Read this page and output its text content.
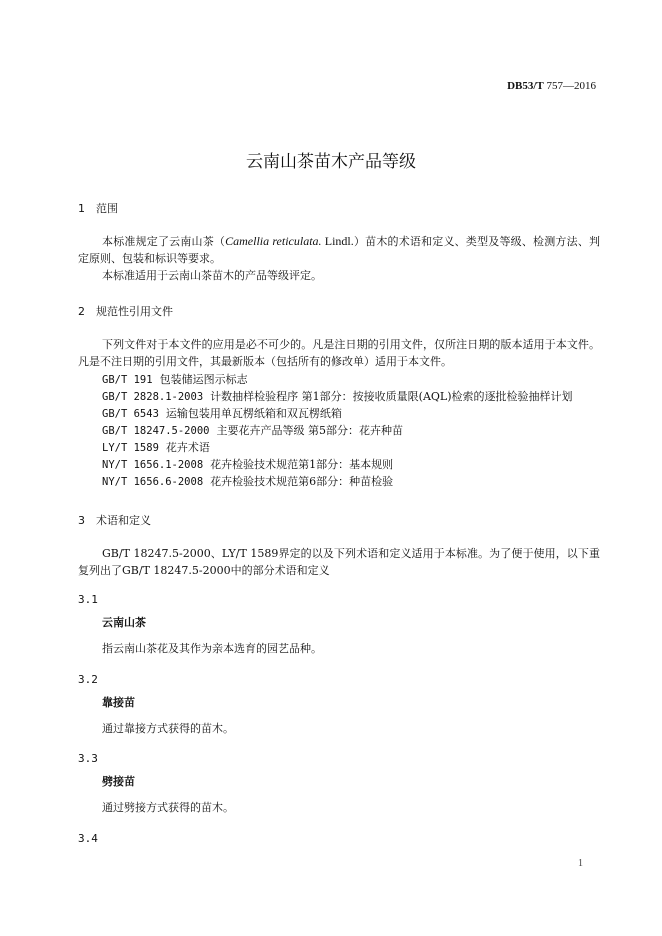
DB53/T 757—2016
云南山茶苗木产品等级
1 范围
本标准规定了云南山茶（Camellia reticulata. Lindl.）苗木的术语和定义、类型及等级、检测方法、判定原则、包装和标识等要求。
本标准适用于云南山茶苗木的产品等级评定。
2 规范性引用文件
下列文件对于本文件的应用是必不可少的。凡是注日期的引用文件，仅所注日期的版本适用于本文件。凡是不注日期的引用文件，其最新版本（包括所有的修改单）适用于本文件。
GB/T 191 包装储运图示标志
GB/T 2828.1-2003 计数抽样检验程序 第1部分：按接收质量限(AQL)检索的逐批检验抽样计划
GB/T 6543 运输包装用单瓦楞纸箱和双瓦楞纸箱
GB/T 18247.5-2000 主要花卉产品等级 第5部分：花卉种苗
LY/T 1589 花卉术语
NY/T 1656.1-2008 花卉检验技术规范第1部分：基本规则
NY/T 1656.6-2008 花卉检验技术规范第6部分：种苗检验
3 术语和定义
GB/T 18247.5-2000、LY/T 1589界定的以及下列术语和定义适用于本标准。为了便于使用，以下重复列出了GB/T 18247.5-2000中的部分术语和定义
3.1
云南山茶
指云南山茶花及其作为亲本选育的园艺品种。
3.2
靠接苗
通过靠接方式获得的苗木。
3.3
劈接苗
通过劈接方式获得的苗木。
3.4
1
